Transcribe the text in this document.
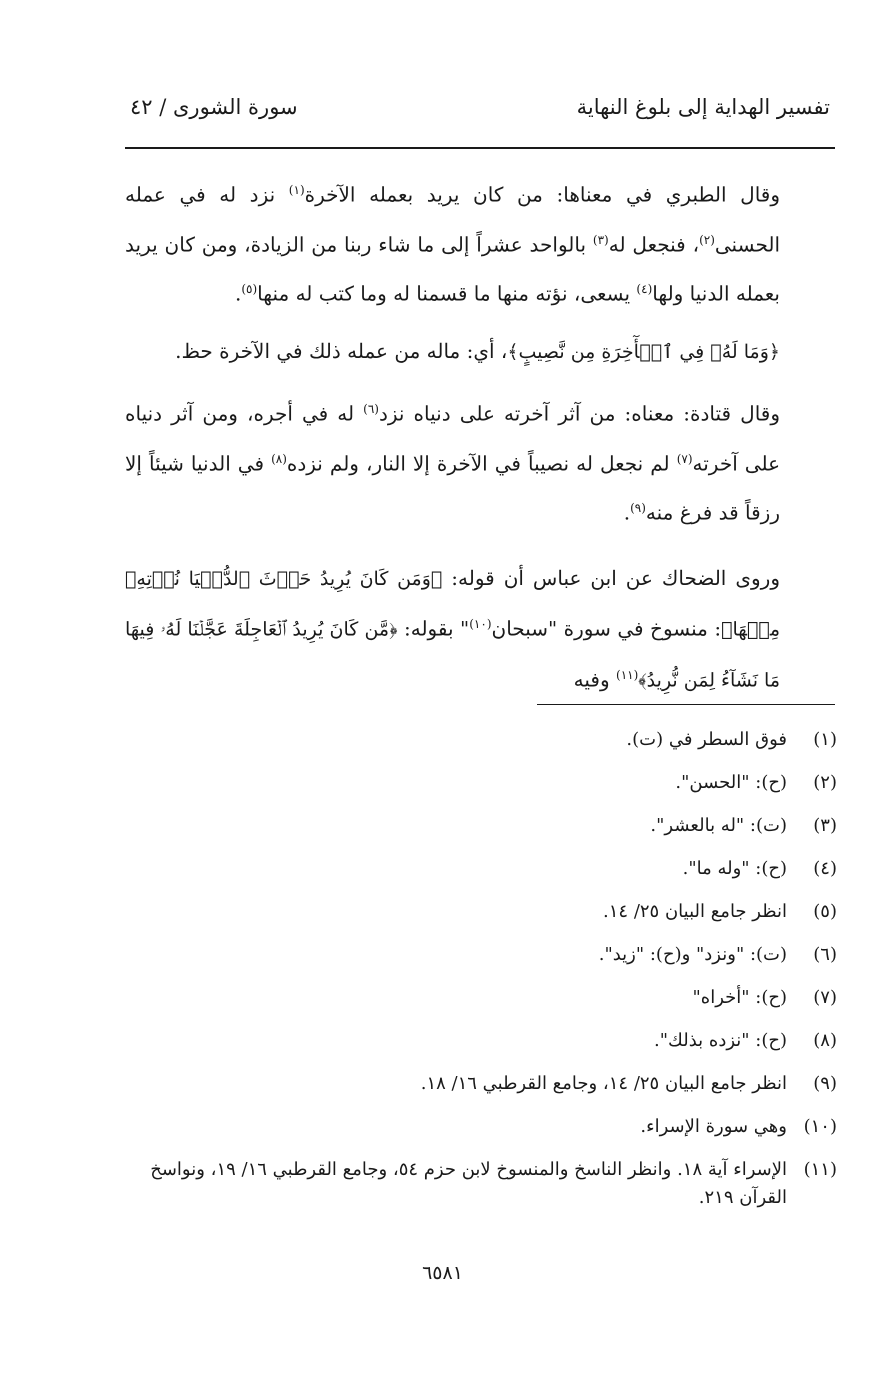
تفسير الهداية إلى بلوغ النهاية
سورة الشورى / ٤٢

وقال الطبري في معناها: من كان يريد بعمله الآخرة$^{(١)}$ نزد له في عمله الحسنى$^{(٢)}$، فنجعل له$^{(٣)}$ بالواحد عشراً إلى ما شاء ربنا من الزيادة، ومن كان يريد بعمله الدنيا ولها$^{(٤)}$ يسعى، نؤته منها ما قسمنا له وما كتب له منها$^{(٥)}$.

﴿وَمَا لَهُۥ فِي ٱلۡأٓخِرَةِ مِن نَّصِيبٍ﴾، أي: ماله من عمله ذلك في الآخرة حظ.

وقال قتادة: معناه: من آثر آخرته على دنياه نزد$^{(٦)}$ له في أجره، ومن آثر دنياه على آخرته$^{(٧)}$ لم نجعل له نصيباً في الآخرة إلا النار، ولم نزده$^{(٨)}$ في الدنيا شيئاً إلا رزقاً قد فرغ منه$^{(٩)}$.

وروى الضحاك عن ابن عباس أن قوله: ﴿وَمَن كَانَ يُرِيدُ حَرۡثَ ٱلدُّنۡيَا نُؤۡتِهِۦ مِنۡهَا﴾: منسوخ في سورة "سبحان$^{(١٠)}$" بقوله: ﴿مَّن كَانَ يُرِيدُ ٱلۡعَاجِلَةَ عَجَّلۡنَا لَهُۥ فِيهَا مَا نَشَآءُ لِمَن نُّرِيدُ﴾$^{(١١)}$ وفيه

(١)
فوق السطر في (ت).
(٢)
(ح): "الحسن".
(٣)
(ت): "له بالعشر".
(٤)
(ح): "وله ما".
(٥)
انظر جامع البيان ٢٥/ ١٤.
(٦)
(ت): "ونزد" و(ح): "زيد".
(٧)
(ح): "أخراه"
(٨)
(ح): "نزده بذلك".
(٩)
انظر جامع البيان ٢٥/ ١٤، وجامع القرطبي ١٦/ ١٨.
(١٠)
وهي سورة الإسراء.
(١١)
الإسراء آية ١٨. وانظر الناسخ والمنسوخ لابن حزم ٥٤، وجامع القرطبي ١٦/ ١٩، ونواسخ القرآن ٢١٩.
٦٥٨١
